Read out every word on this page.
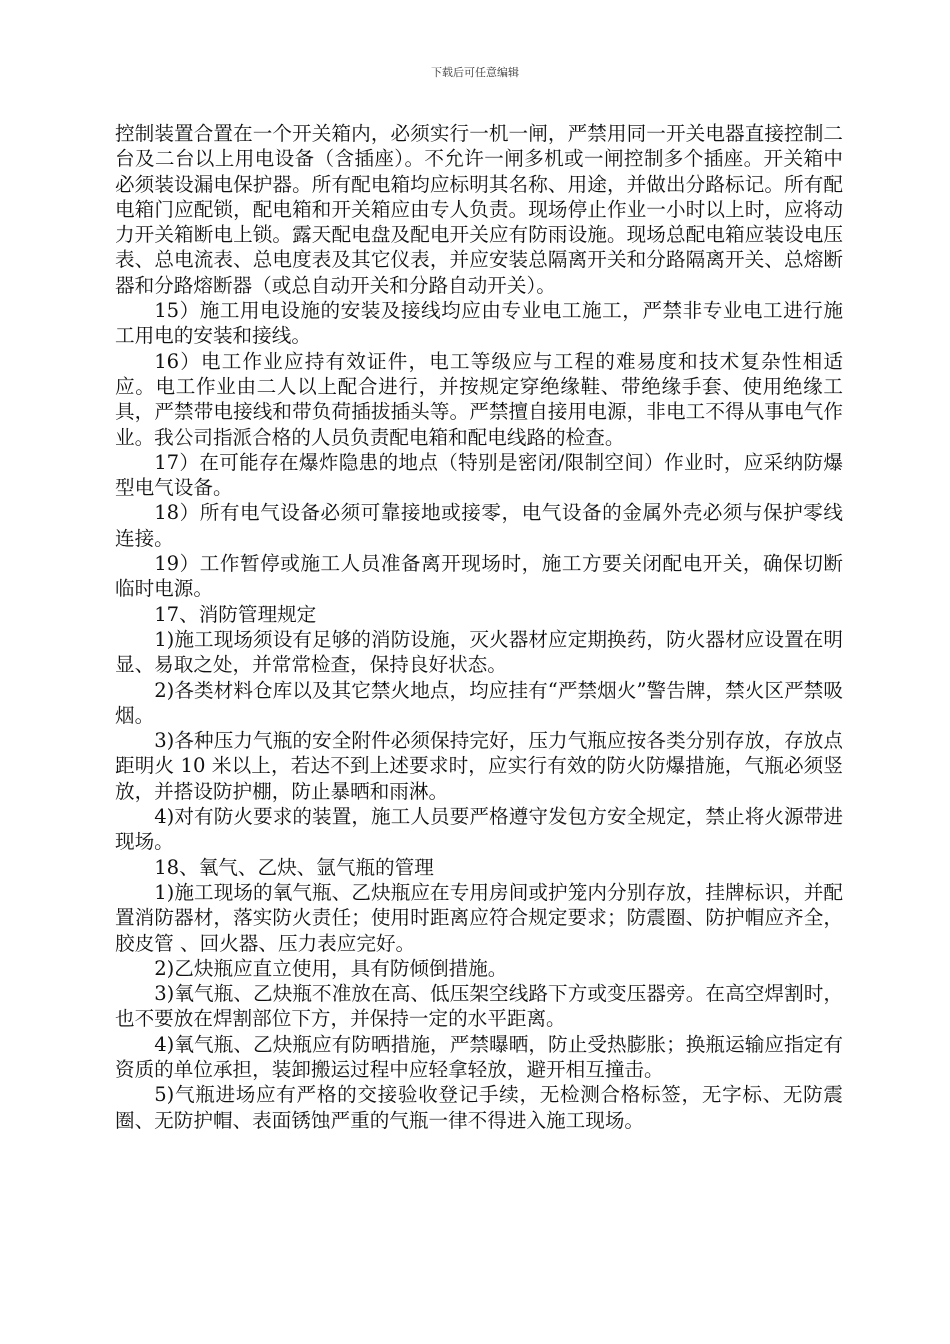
下载后可任意编辑

控制装置合置在一个开关箱内，必须实行一机一闸，严禁用同一开关电器直接控制二台及二台以上用电设备（含插座）。不允许一闸多机或一闸控制多个插座。开关箱中必须装设漏电保护器。所有配电箱均应标明其名称、用途，并做出分路标记。所有配电箱门应配锁，配电箱和开关箱应由专人负责。现场停止作业一小时以上时，应将动力开关箱断电上锁。露天配电盘及配电开关应有防雨设施。现场总配电箱应装设电压表、总电流表、总电度表及其它仪表，并应安装总隔离开关和分路隔离开关、总熔断器和分路熔断器（或总自动开关和分路自动开关）。

15）施工用电设施的安装及接线均应由专业电工施工，严禁非专业电工进行施工用电的安装和接线。

16）电工作业应持有效证件，电工等级应与工程的难易度和技术复杂性相适应。电工作业由二人以上配合进行，并按规定穿绝缘鞋、带绝缘手套、使用绝缘工具，严禁带电接线和带负荷插拔插头等。严禁擅自接用电源，非电工不得从事电气作业。我公司指派合格的人员负责配电箱和配电线路的检查。

17）在可能存在爆炸隐患的地点（特别是密闭/限制空间）作业时，应采纳防爆型电气设备。

18）所有电气设备必须可靠接地或接零，电气设备的金属外壳必须与保护零线连接。

19）工作暂停或施工人员准备离开现场时，施工方要关闭配电开关，确保切断临时电源。

17、消防管理规定

1)施工现场须设有足够的消防设施，灭火器材应定期换药，防火器材应设置在明显、易取之处，并常常检查，保持良好状态。

2)各类材料仓库以及其它禁火地点，均应挂有“严禁烟火”警告牌，禁火区严禁吸烟。

3)各种压力气瓶的安全附件必须保持完好，压力气瓶应按各类分别存放，存放点距明火 10 米以上，若达不到上述要求时，应实行有效的防火防爆措施，气瓶必须竖放，并搭设防护棚，防止暴晒和雨淋。

4)对有防火要求的装置，施工人员要严格遵守发包方安全规定，禁止将火源带进现场。

18、氧气、乙炔、氩气瓶的管理

1)施工现场的氧气瓶、乙炔瓶应在专用房间或护笼内分别存放，挂牌标识，并配置消防器材，落实防火责任；使用时距离应符合规定要求；防震圈、防护帽应齐全，胶皮管 、回火器、压力表应完好。

2)乙炔瓶应直立使用，具有防倾倒措施。

3)氧气瓶、乙炔瓶不准放在高、低压架空线路下方或变压器旁。在高空焊割时，也不要放在焊割部位下方，并保持一定的水平距离。

4)氧气瓶、乙炔瓶应有防晒措施，严禁曝晒，防止受热膨胀；换瓶运输应指定有资质的单位承担，装卸搬运过程中应轻拿轻放，避开相互撞击。

5)气瓶进场应有严格的交接验收登记手续，无检测合格标签，无字标、无防震圈、无防护帽、表面锈蚀严重的气瓶一律不得进入施工现场。
